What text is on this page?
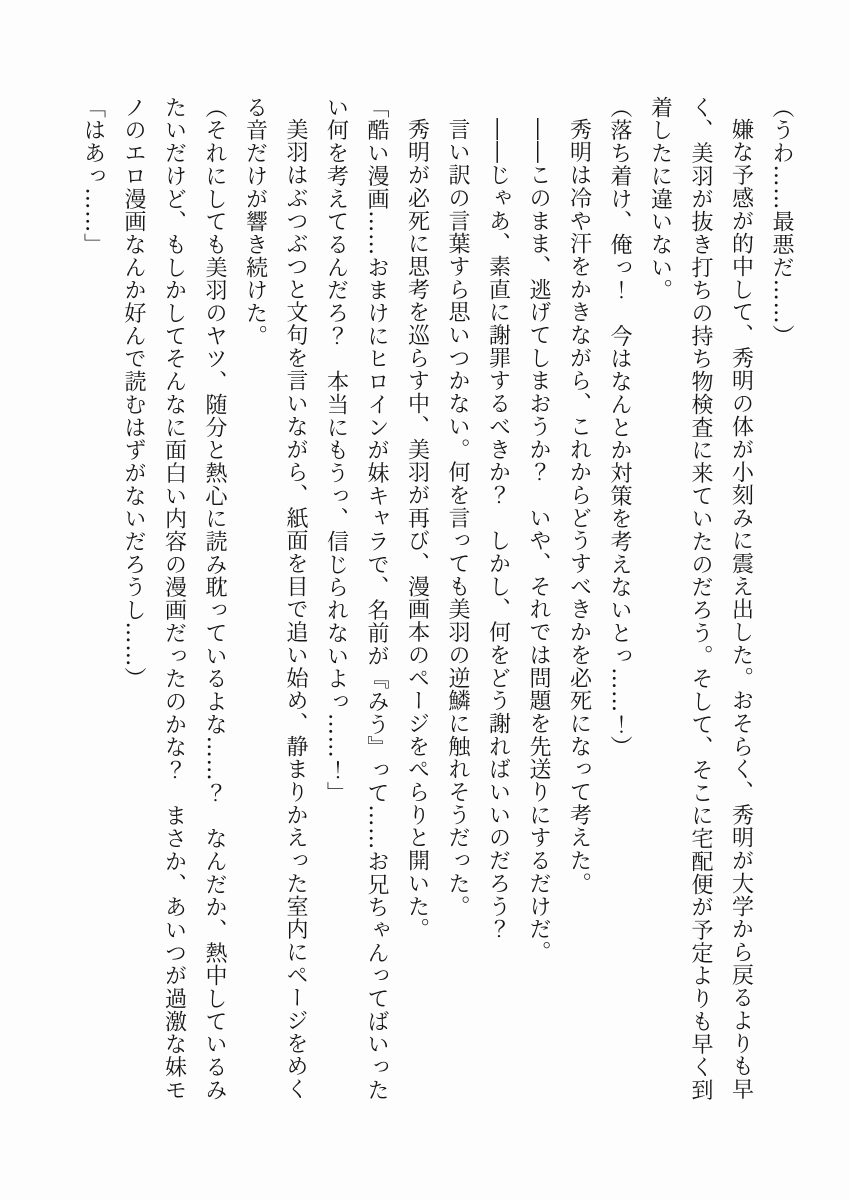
（うわ……最悪だ……）

嫌な予感が的中して、秀明の体が小刻みに震え出した。おそらく、秀明が大学から戻るよりも早く、美羽が抜き打ちの持ち物検査に来ていたのだろう。そして、そこに宅配便が予定よりも早く到着したに違いない。

（落ち着け、俺っ！　今はなんとか対策を考えないとっ……！）

秀明は冷や汗をかきながら、これからどうすべきかを必死になって考えた。

――このまま、逃げてしまおうか？　いや、それでは問題を先送りにするだけだ。

――じゃあ、素直に謝罪するべきか？　しかし、何をどう謝ればいいのだろう？

言い訳の言葉すら思いつかない。何を言っても美羽の逆鱗に触れそうだった。

秀明が必死に思考を巡らす中、美羽が再び、漫画本のページをぺらりと開いた。

「酷い漫画……おまけにヒロインが妹キャラで、名前が『みう』って……お兄ちゃんってばいったい何を考えてるんだろ？　本当にもうっ、信じられないよっ……！」

美羽はぶつぶつと文句を言いながら、紙面を目で追い始め、静まりかえった室内にページをめくる音だけが響き続けた。

（それにしても美羽のヤツ、随分と熱心に読み耽っているよな……？　なんだか、熱中しているみたいだけど、もしかしてそんなに面白い内容の漫画だったのかな？　まさか、あいつが過激な妹モノのエロ漫画なんか好んで読むはずがないだろうし……）

「はあっ……」
